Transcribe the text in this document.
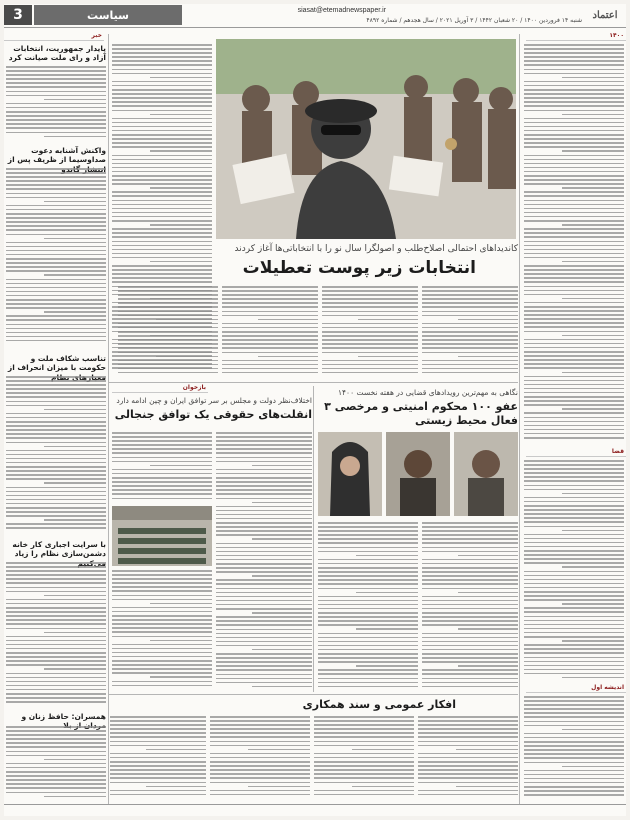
اعتماد
شنبه ۱۴ فروردین ۱۴۰۰ / ۲۰ شعبان ۱۴۴۲ / ۳ آوریل ۲۰۲۱ / سال هجدهم / شماره ۴۸۹۲
siasat@etemadnewspaper.ir
سیاست
3
۱۴۰۰
خبر
قضا
اندیشه اول
کاندیداهای احتمالی اصلاح‌طلب و اصولگرا سال نو را با انتخاباتی‌ها آغاز کردند
انتخابات زیر پوست تعطیلات
بازخوان
نگاهی به مهم‌ترین رویدادهای قضایی در هفته نخست ۱۴۰۰
عفو ۱۰۰ محکوم امنیتی و مرخصی ۳ فعال محیط زیستی
اختلاف‌نظر دولت و مجلس بر سر توافق ایران و چین ادامه دارد
انقلت‌های حقوقی یک توافق جنجالی
افکار عمومی و سند همکاری
پایدار جمهوریت، انتخابات آزاد و رای ملت صیانت کرد
واکنش آشنابه دعوت صداوسیما از ظریف پس از
تناسب شکاف ملت و حکومت با میزان انحراف از
با سرایت اجباری کار خانه دشمن‌سازی نظام را زیاد
همسران: حافظ زنان و
